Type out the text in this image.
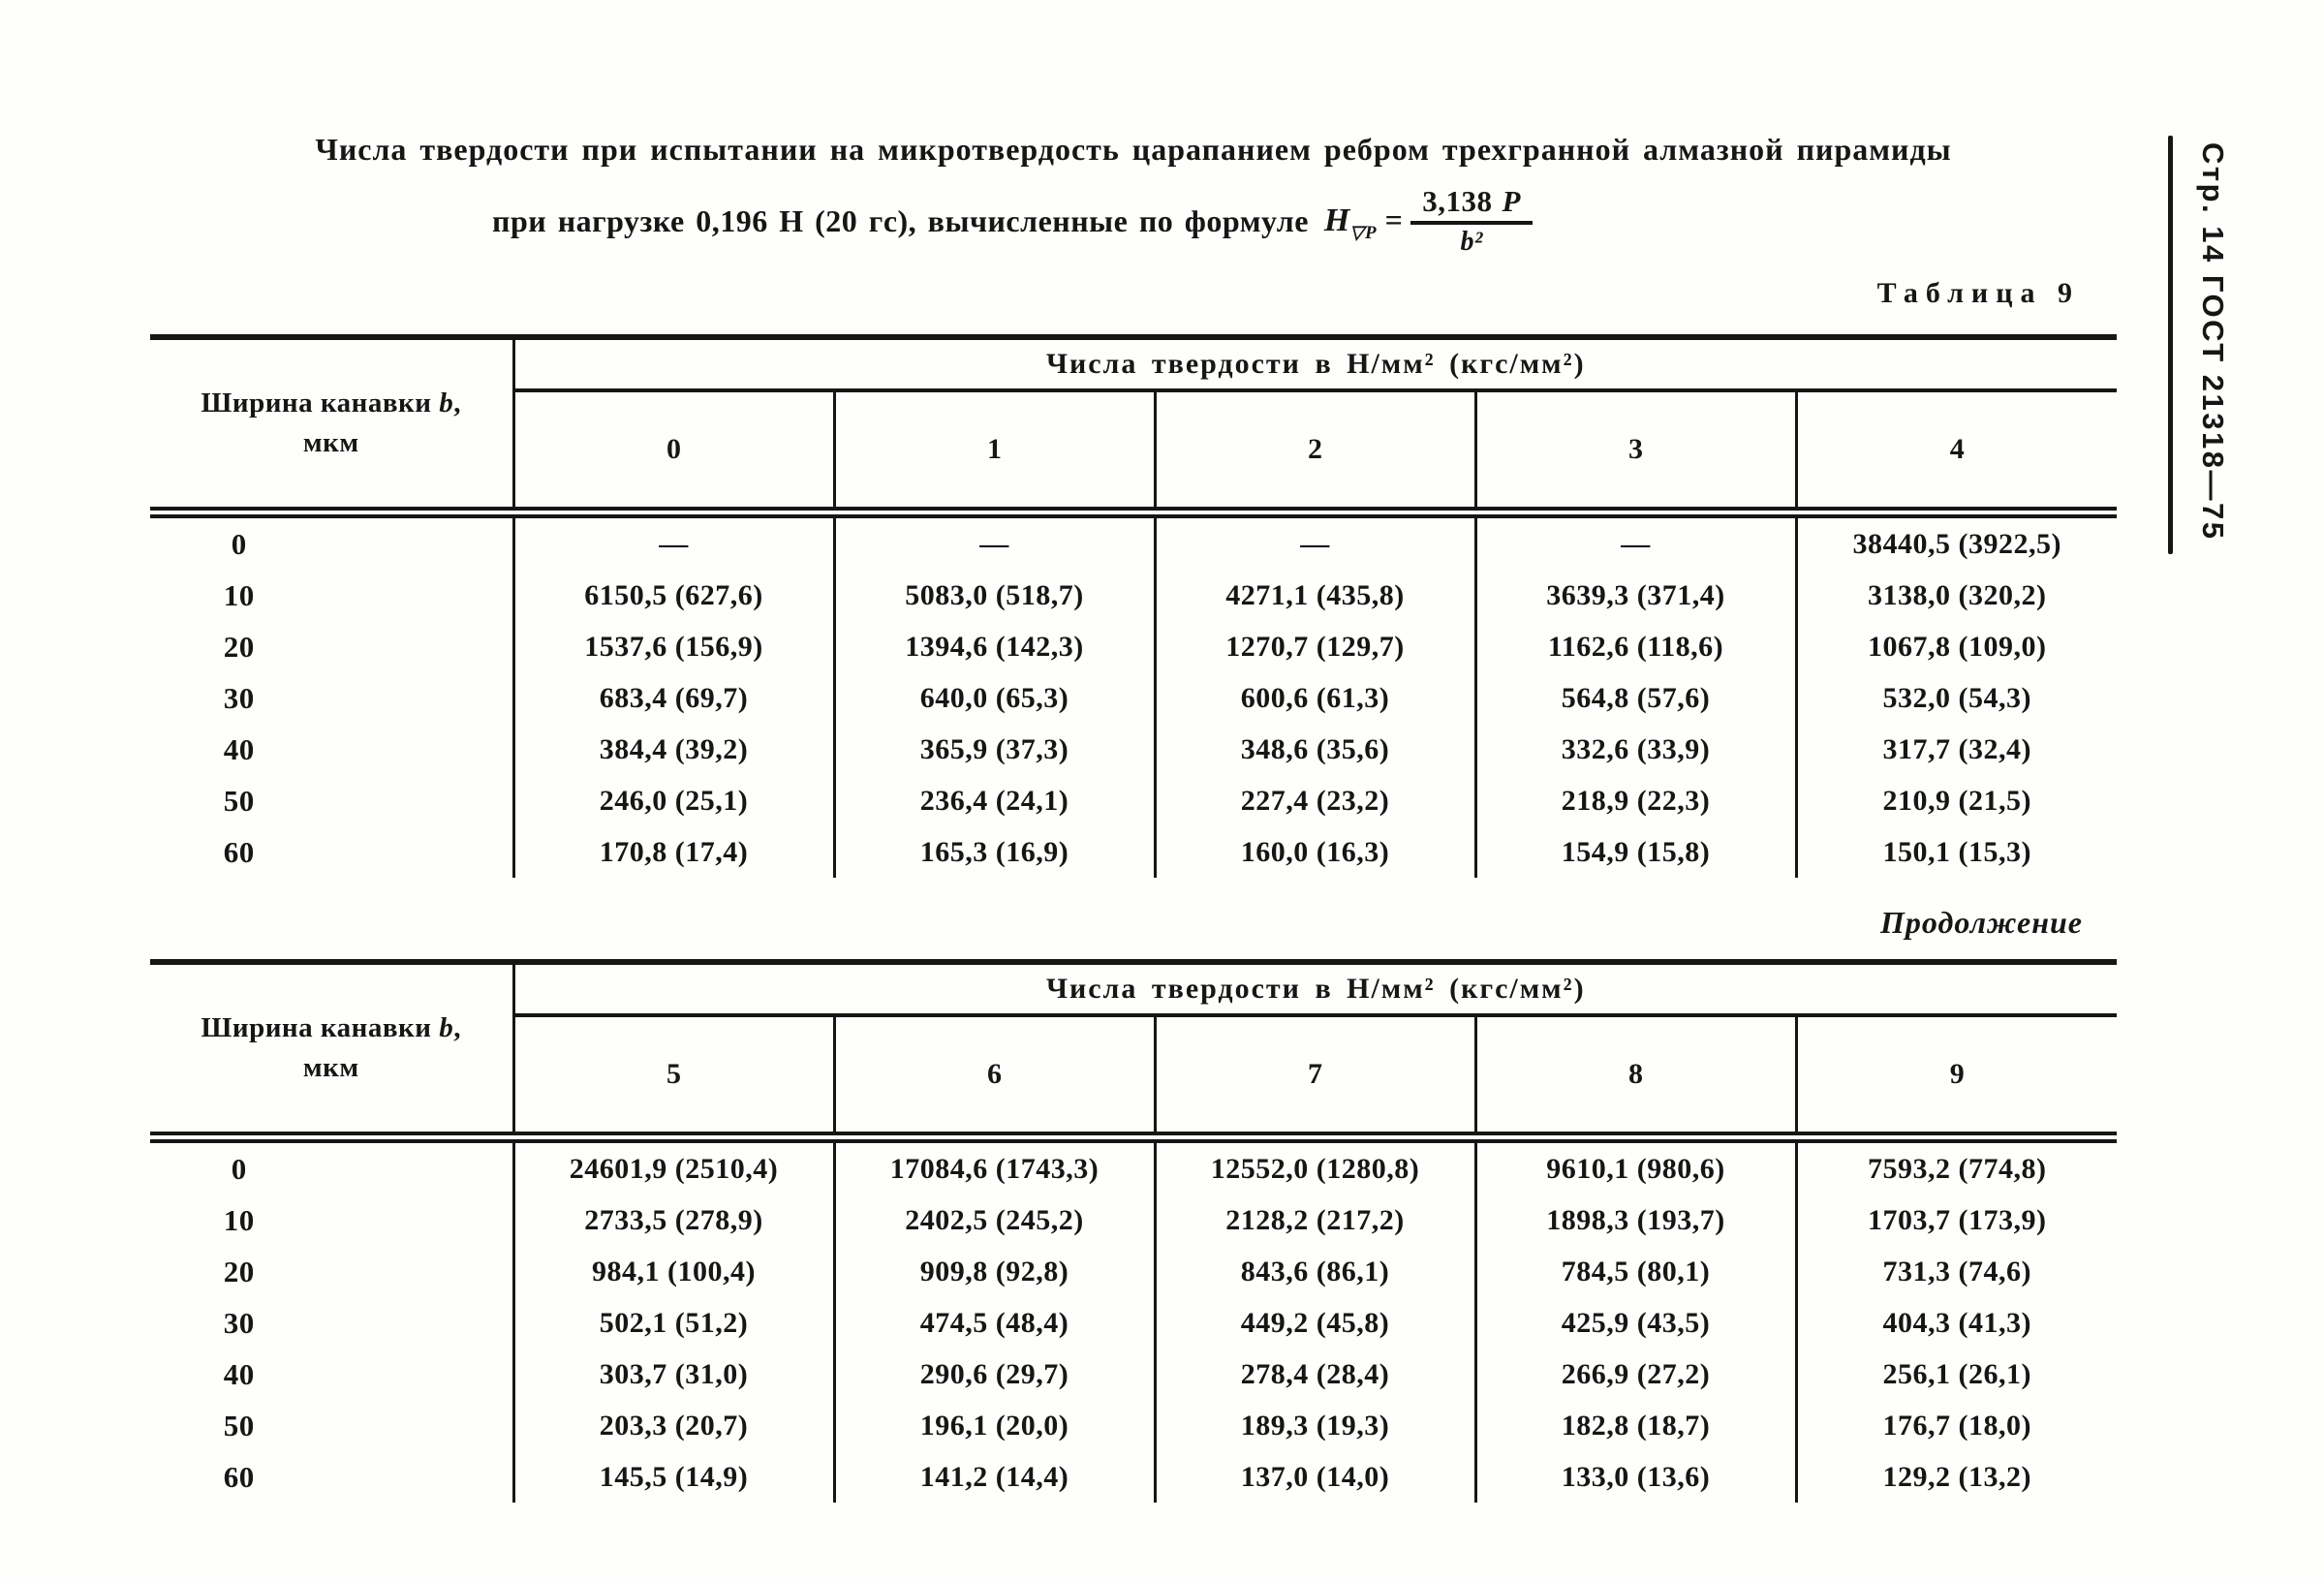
Числа твердости при испытании на микротвердость царапанием ребром трехгранной алмазной пирамиды
при нагрузке 0,196 Н (20 гс), вычисленные по формуле $H_{▽P} = \frac{3,138 P}{\text{b²}}$
Таблица 9
Ширина канавки b,
мкм	Числа твердости в Н/мм² (кгс/мм²)				
	0	1	2	3	4
0	—	—	—	—	38440,5 (3922,5)
10	6150,5 (627,6)	5083,0 (518,7)	4271,1 (435,8)	3639,3 (371,4)	3138,0 (320,2)
20	1537,6 (156,9)	1394,6 (142,3)	1270,7 (129,7)	1162,6 (118,6)	1067,8 (109,0)
30	683,4 (69,7)	640,0 (65,3)	600,6 (61,3)	564,8 (57,6)	532,0 (54,3)
40	384,4 (39,2)	365,9 (37,3)	348,6 (35,6)	332,6 (33,9)	317,7 (32,4)
50	246,0 (25,1)	236,4 (24,1)	227,4 (23,2)	218,9 (22,3)	210,9 (21,5)
60	170,8 (17,4)	165,3 (16,9)	160,0 (16,3)	154,9 (15,8)	150,1 (15,3)
Продолжение
Ширина канавки b,
мкм	Числа твердости в Н/мм² (кгс/мм²)				
	5	6	7	8	9
0	24601,9 (2510,4)	17084,6 (1743,3)	12552,0 (1280,8)	9610,1 (980,6)	7593,2 (774,8)
10	2733,5 (278,9)	2402,5 (245,2)	2128,2 (217,2)	1898,3 (193,7)	1703,7 (173,9)
20	984,1 (100,4)	909,8 (92,8)	843,6 (86,1)	784,5 (80,1)	731,3 (74,6)
30	502,1 (51,2)	474,5 (48,4)	449,2 (45,8)	425,9 (43,5)	404,3 (41,3)
40	303,7 (31,0)	290,6 (29,7)	278,4 (28,4)	266,9 (27,2)	256,1 (26,1)
50	203,3 (20,7)	196,1 (20,0)	189,3 (19,3)	182,8 (18,7)	176,7 (18,0)
60	145,5 (14,9)	141,2 (14,4)	137,0 (14,0)	133,0 (13,6)	129,2 (13,2)
Стр. 14 ГОСТ 21318—75
